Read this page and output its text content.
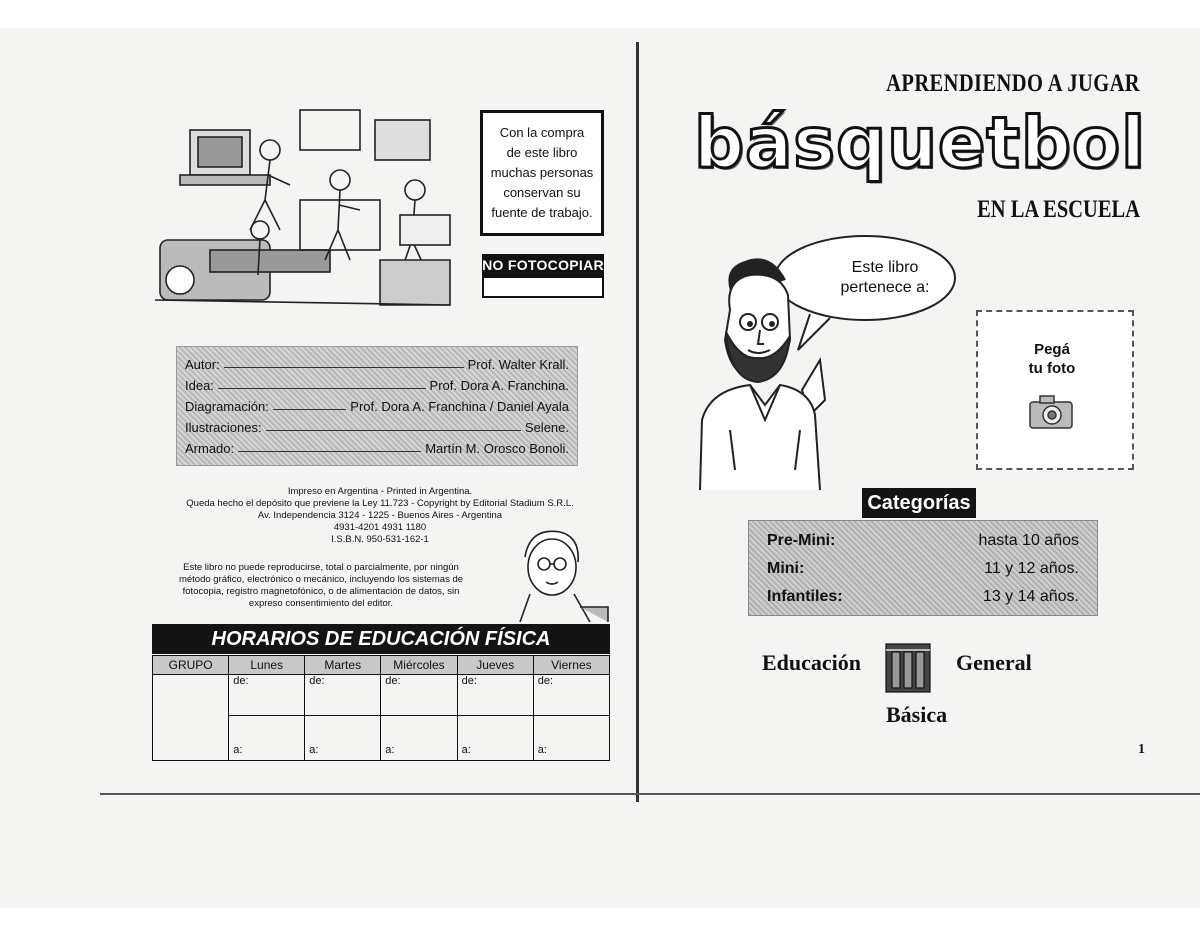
Con la compra
de este libro
muchas personas
conservan su
fuente de trabajo.
NO FOTOCOPIAR
Autor:	Prof. Walter Krall.
Idea:	Prof. Dora A. Franchina.
Diagramación:	Prof. Dora A. Franchina / Daniel Ayala
Ilustraciones:	Selene.
Armado:	Martín M. Orosco Bonoli.
Impreso en Argentina - Printed in Argentina.
Queda hecho el depósito que previene la Ley 11.723 - Copyright by Editorial Stadium S.R.L.
Av. Independencia 3124 - 1225 - Buenos Aires - Argentina
4931-4201 4931 1180
I.S.B.N. 950-531-162-1
Este libro no puede reproducirse, total o parcialmente, por ningún
método gráfico, electrónico o mecánico, incluyendo los sistemas de
fotocopia, registro magnetofónico, o de alimentación de datos, sin
expreso consentimiento del editor.
HORARIOS DE EDUCACIÓN FÍSICA
GRUPO	Lunes	Martes	Miércoles	Jueves	Viernes
	de:	de:	de:	de:	de:
	a:	a:	a:	a:	a:
APRENDIENDO A JUGAR
básquetbol
EN LA ESCUELA
Este libro
pertenece a:
Pegá
tu foto
Categorías
Pre-Mini:	hasta 10 años
Mini:	11 y 12 años.
Infantiles:	13 y 14 años.
Educación	General
Básica
1
